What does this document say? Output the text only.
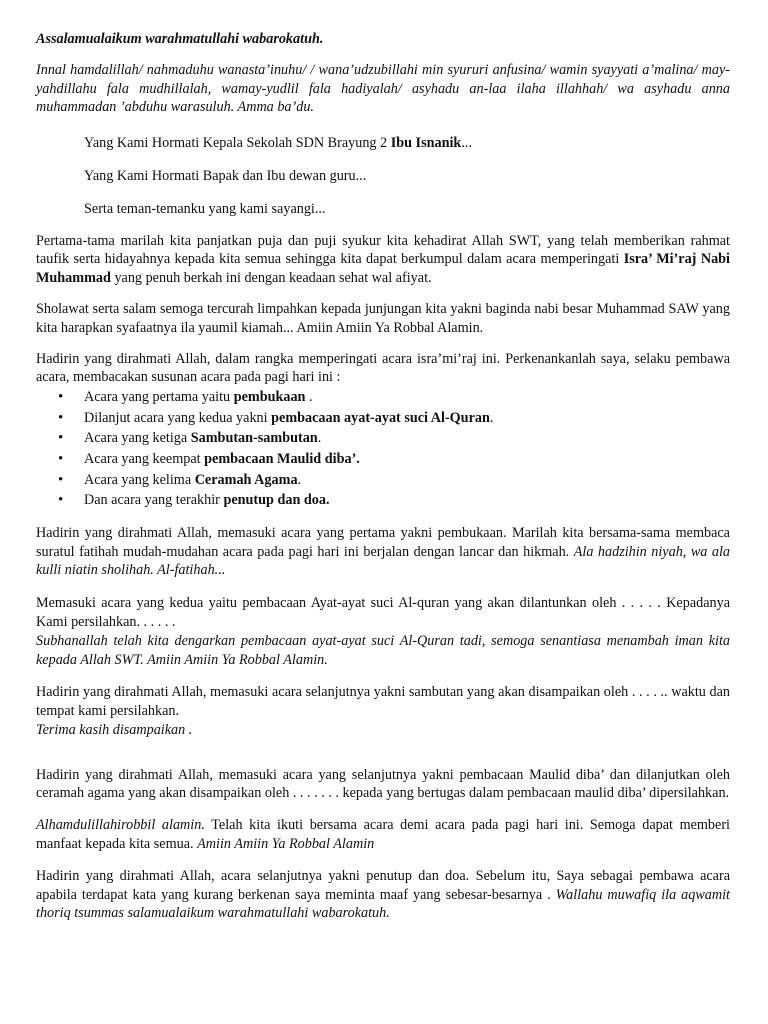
Assalamualaikum warahmatullahi wabarokatuh.

Innal hamdalillah/ nahmaduhu wanasta’inuhu/ / wana’udzubillahi min syururi anfusina/ wamin syayyati a’malina/ may-yahdillahu fala mudhillalah, wamay-yudlil fala hadiyalah/ asyhadu an-laa ilaha illahhah/ wa asyhadu anna muhammadan ’abduhu warasuluh. Amma ba’du.

Yang Kami Hormati Kepala Sekolah SDN Brayung 2 Ibu Isnanik...

Yang Kami Hormati Bapak dan Ibu dewan guru...

Serta teman-temanku yang kami sayangi...

Pertama-tama marilah kita panjatkan puja dan puji syukur kita kehadirat Allah SWT, yang telah memberikan rahmat taufik serta hidayahnya kepada kita semua sehingga kita dapat berkumpul dalam acara memperingati Isra’ Mi’raj Nabi Muhammad yang penuh berkah ini dengan keadaan sehat wal afiyat.

Sholawat serta salam semoga tercurah limpahkan kepada junjungan kita yakni baginda nabi besar Muhammad SAW yang kita harapkan syafaatnya ila yaumil kiamah... Amiin Amiin Ya Robbal Alamin.

Hadirin yang dirahmati Allah, dalam rangka memperingati acara isra’mi’raj ini. Perkenankanlah saya, selaku pembawa acara, membacakan susunan acara pada pagi hari ini :

• Acara yang pertama yaitu pembukaan .
• Dilanjut acara yang kedua yakni pembacaan ayat-ayat suci Al-Quran.
• Acara yang ketiga Sambutan-sambutan.
• Acara yang keempat pembacaan Maulid diba’.
• Acara yang kelima Ceramah Agama.
• Dan acara yang terakhir penutup dan doa.

Hadirin yang dirahmati Allah, memasuki acara yang pertama yakni pembukaan. Marilah kita bersama-sama membaca suratul fatihah mudah-mudahan acara pada pagi hari ini berjalan dengan lancar dan hikmah. Ala hadzihin niyah, wa ala kulli niatin sholihah. Al-fatihah...

Memasuki acara yang kedua yaitu pembacaan Ayat-ayat suci Al-quran yang akan dilantunkan oleh . . . . . Kepadanya Kami persilahkan. . . . . .

Subhanallah telah kita dengarkan pembacaan ayat-ayat suci Al-Quran tadi, semoga senantiasa menambah iman kita kepada Allah SWT. Amiin Amiin Ya Robbal Alamin.

Hadirin yang dirahmati Allah, memasuki acara selanjutnya yakni sambutan yang akan disampaikan oleh . . . . .. waktu dan tempat kami persilahkan.

Terima kasih disampaikan .

Hadirin yang dirahmati Allah, memasuki acara yang selanjutnya yakni pembacaan Maulid diba’ dan dilanjutkan oleh ceramah agama yang akan disampaikan oleh . . . . . . . kepada yang bertugas dalam pembacaan maulid diba’ dipersilahkan.

Alhamdulillahirobbil alamin. Telah kita ikuti bersama acara demi acara pada pagi hari ini. Semoga dapat memberi manfaat kepada kita semua. Amiin Amiin Ya Robbal Alamin

Hadirin yang dirahmati Allah, acara selanjutnya yakni penutup dan doa. Sebelum itu, Saya sebagai pembawa acara apabila terdapat kata yang kurang berkenan saya meminta maaf yang sebesar-besarnya . Wallahu muwafiq ila aqwamit thoriq tsummas salamualaikum warahmatullahi wabarokatuh.
